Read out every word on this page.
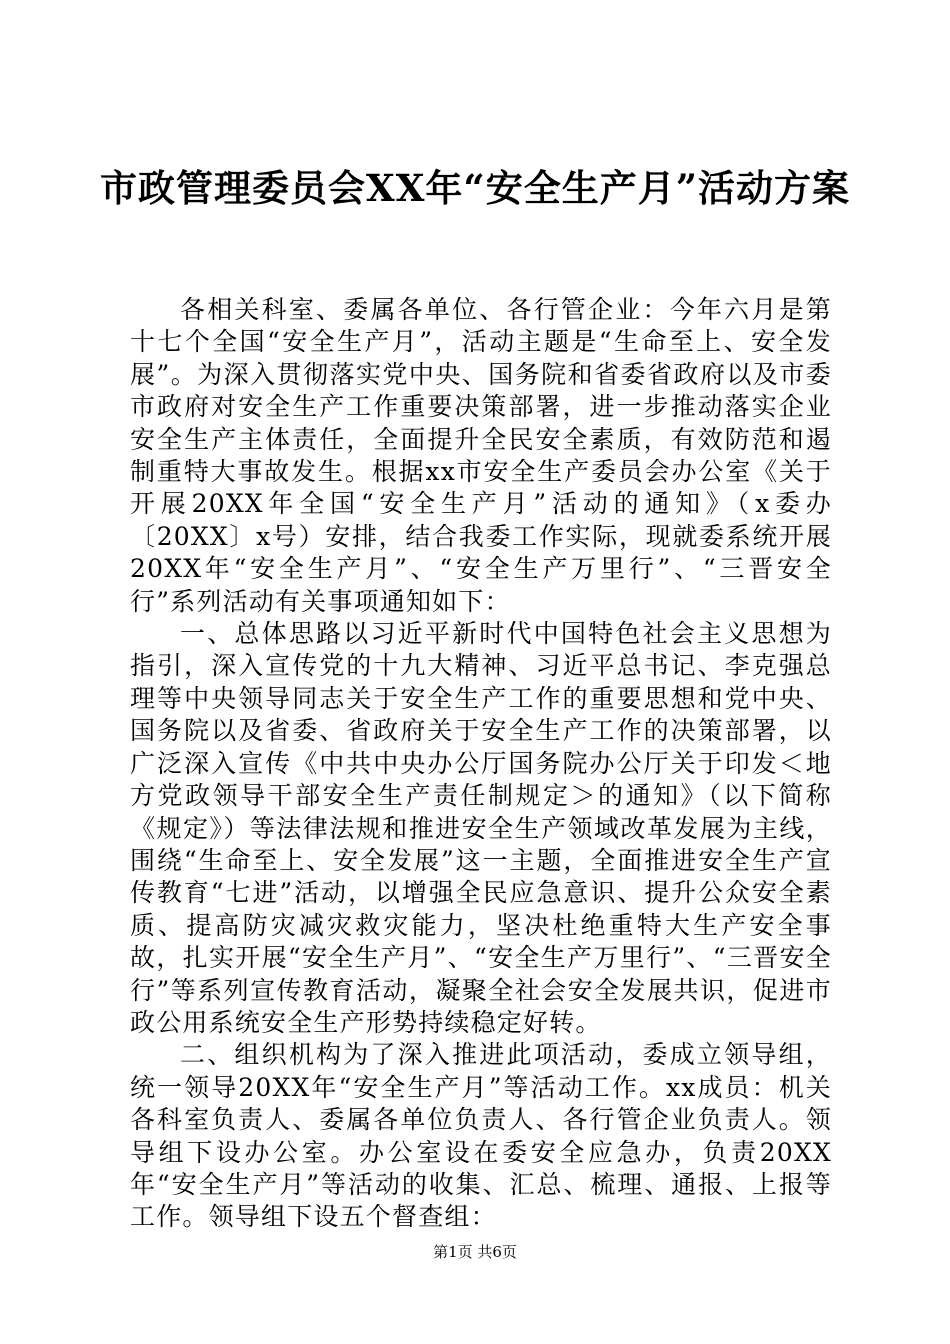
市政管理委员会XX年“安全生产月”活动方案

各相关科室、委属各单位、各行管企业：今年六月是第十七个全国“安全生产月”，活动主题是“生命至上、安全发展”。为深入贯彻落实党中央、国务院和省委省政府以及市委市政府对安全生产工作重要决策部署，进一步推动落实企业安全生产主体责任，全面提升全民安全素质，有效防范和遏制重特大事故发生。根据xx市安全生产委员会办公室《关于开展20XX年全国“安全生产月”活动的通知》（x委办〔20XX〕x号）安排，结合我委工作实际，现就委系统开展20XX年“安全生产月”、“安全生产万里行”、“三晋安全行”系列活动有关事项通知如下：

一、总体思路以习近平新时代中国特色社会主义思想为指引，深入宣传党的十九大精神、习近平总书记、李克强总理等中央领导同志关于安全生产工作的重要思想和党中央、国务院以及省委、省政府关于安全生产工作的决策部署，以广泛深入宣传《中共中央办公厅国务院办公厅关于印发＜地方党政领导干部安全生产责任制规定＞的通知》（以下简称《规定》）等法律法规和推进安全生产领域改革发展为主线，围绕“生命至上、安全发展”这一主题，全面推进安全生产宣传教育“七进”活动，以增强全民应急意识、提升公众安全素质、提高防灾减灾救灾能力，坚决杜绝重特大生产安全事故，扎实开展“安全生产月”、“安全生产万里行”、“三晋安全行”等系列宣传教育活动，凝聚全社会安全发展共识，促进市政公用系统安全生产形势持续稳定好转。

二、组织机构为了深入推进此项活动，委成立领导组，统一领导20XX年“安全生产月”等活动工作。xx成员：机关各科室负责人、委属各单位负责人、各行管企业负责人。领导组下设办公室。办公室设在委安全应急办，负责20XX年“安全生产月”等活动的收集、汇总、梳理、通报、上报等工作。领导组下设五个督查组：

第1页 共6页
